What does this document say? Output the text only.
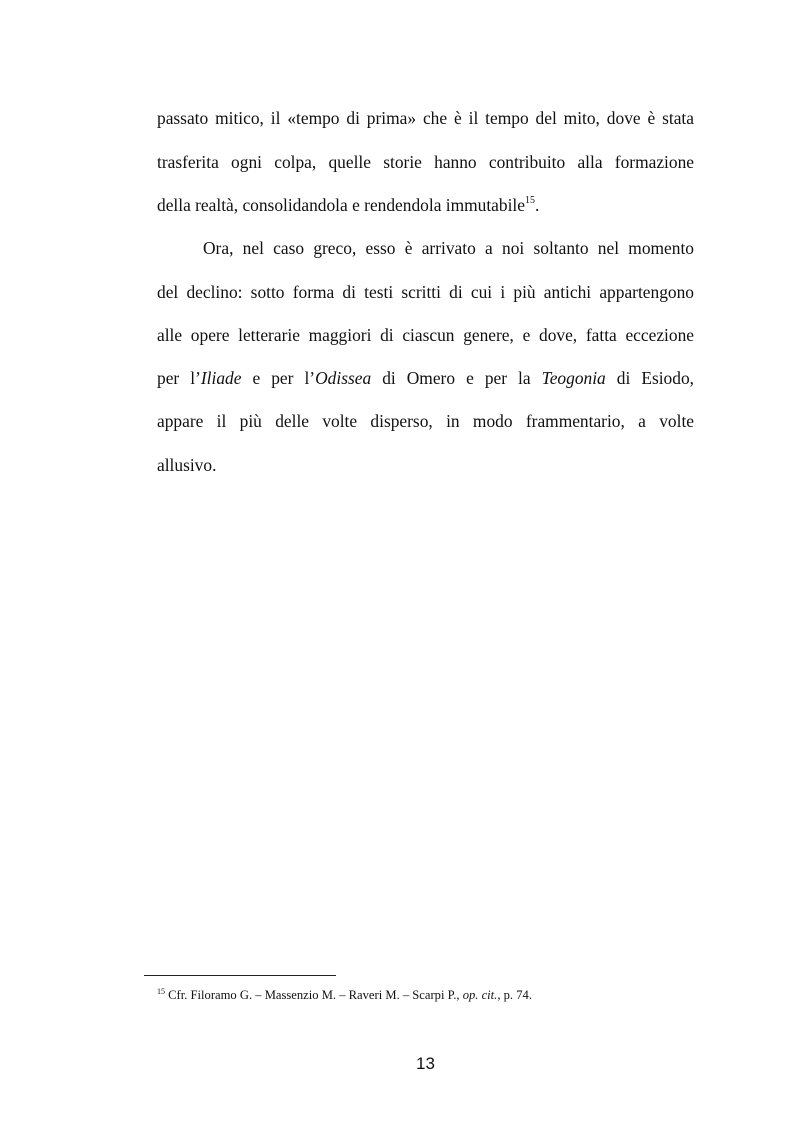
passato mitico, il «tempo di prima» che è il tempo del mito, dove è stata
trasferita ogni colpa, quelle storie hanno contribuito alla formazione
della realtà, consolidandola e rendendola immutabile$^{15}$.
Ora, nel caso greco, esso è arrivato a noi soltanto nel momento
del declino: sotto forma di testi scritti di cui i più antichi appartengono
alle opere letterarie maggiori di ciascun genere, e dove, fatta eccezione
per l’Iliade e per l’Odissea di Omero e per la Teogonia di Esiodo,
appare il più delle volte disperso, in modo frammentario, a volte
allusivo.
$^{15}$ Cfr. Filoramo G. – Massenzio M. – Raveri M. – Scarpi P., op. cit., p. 74.
13
